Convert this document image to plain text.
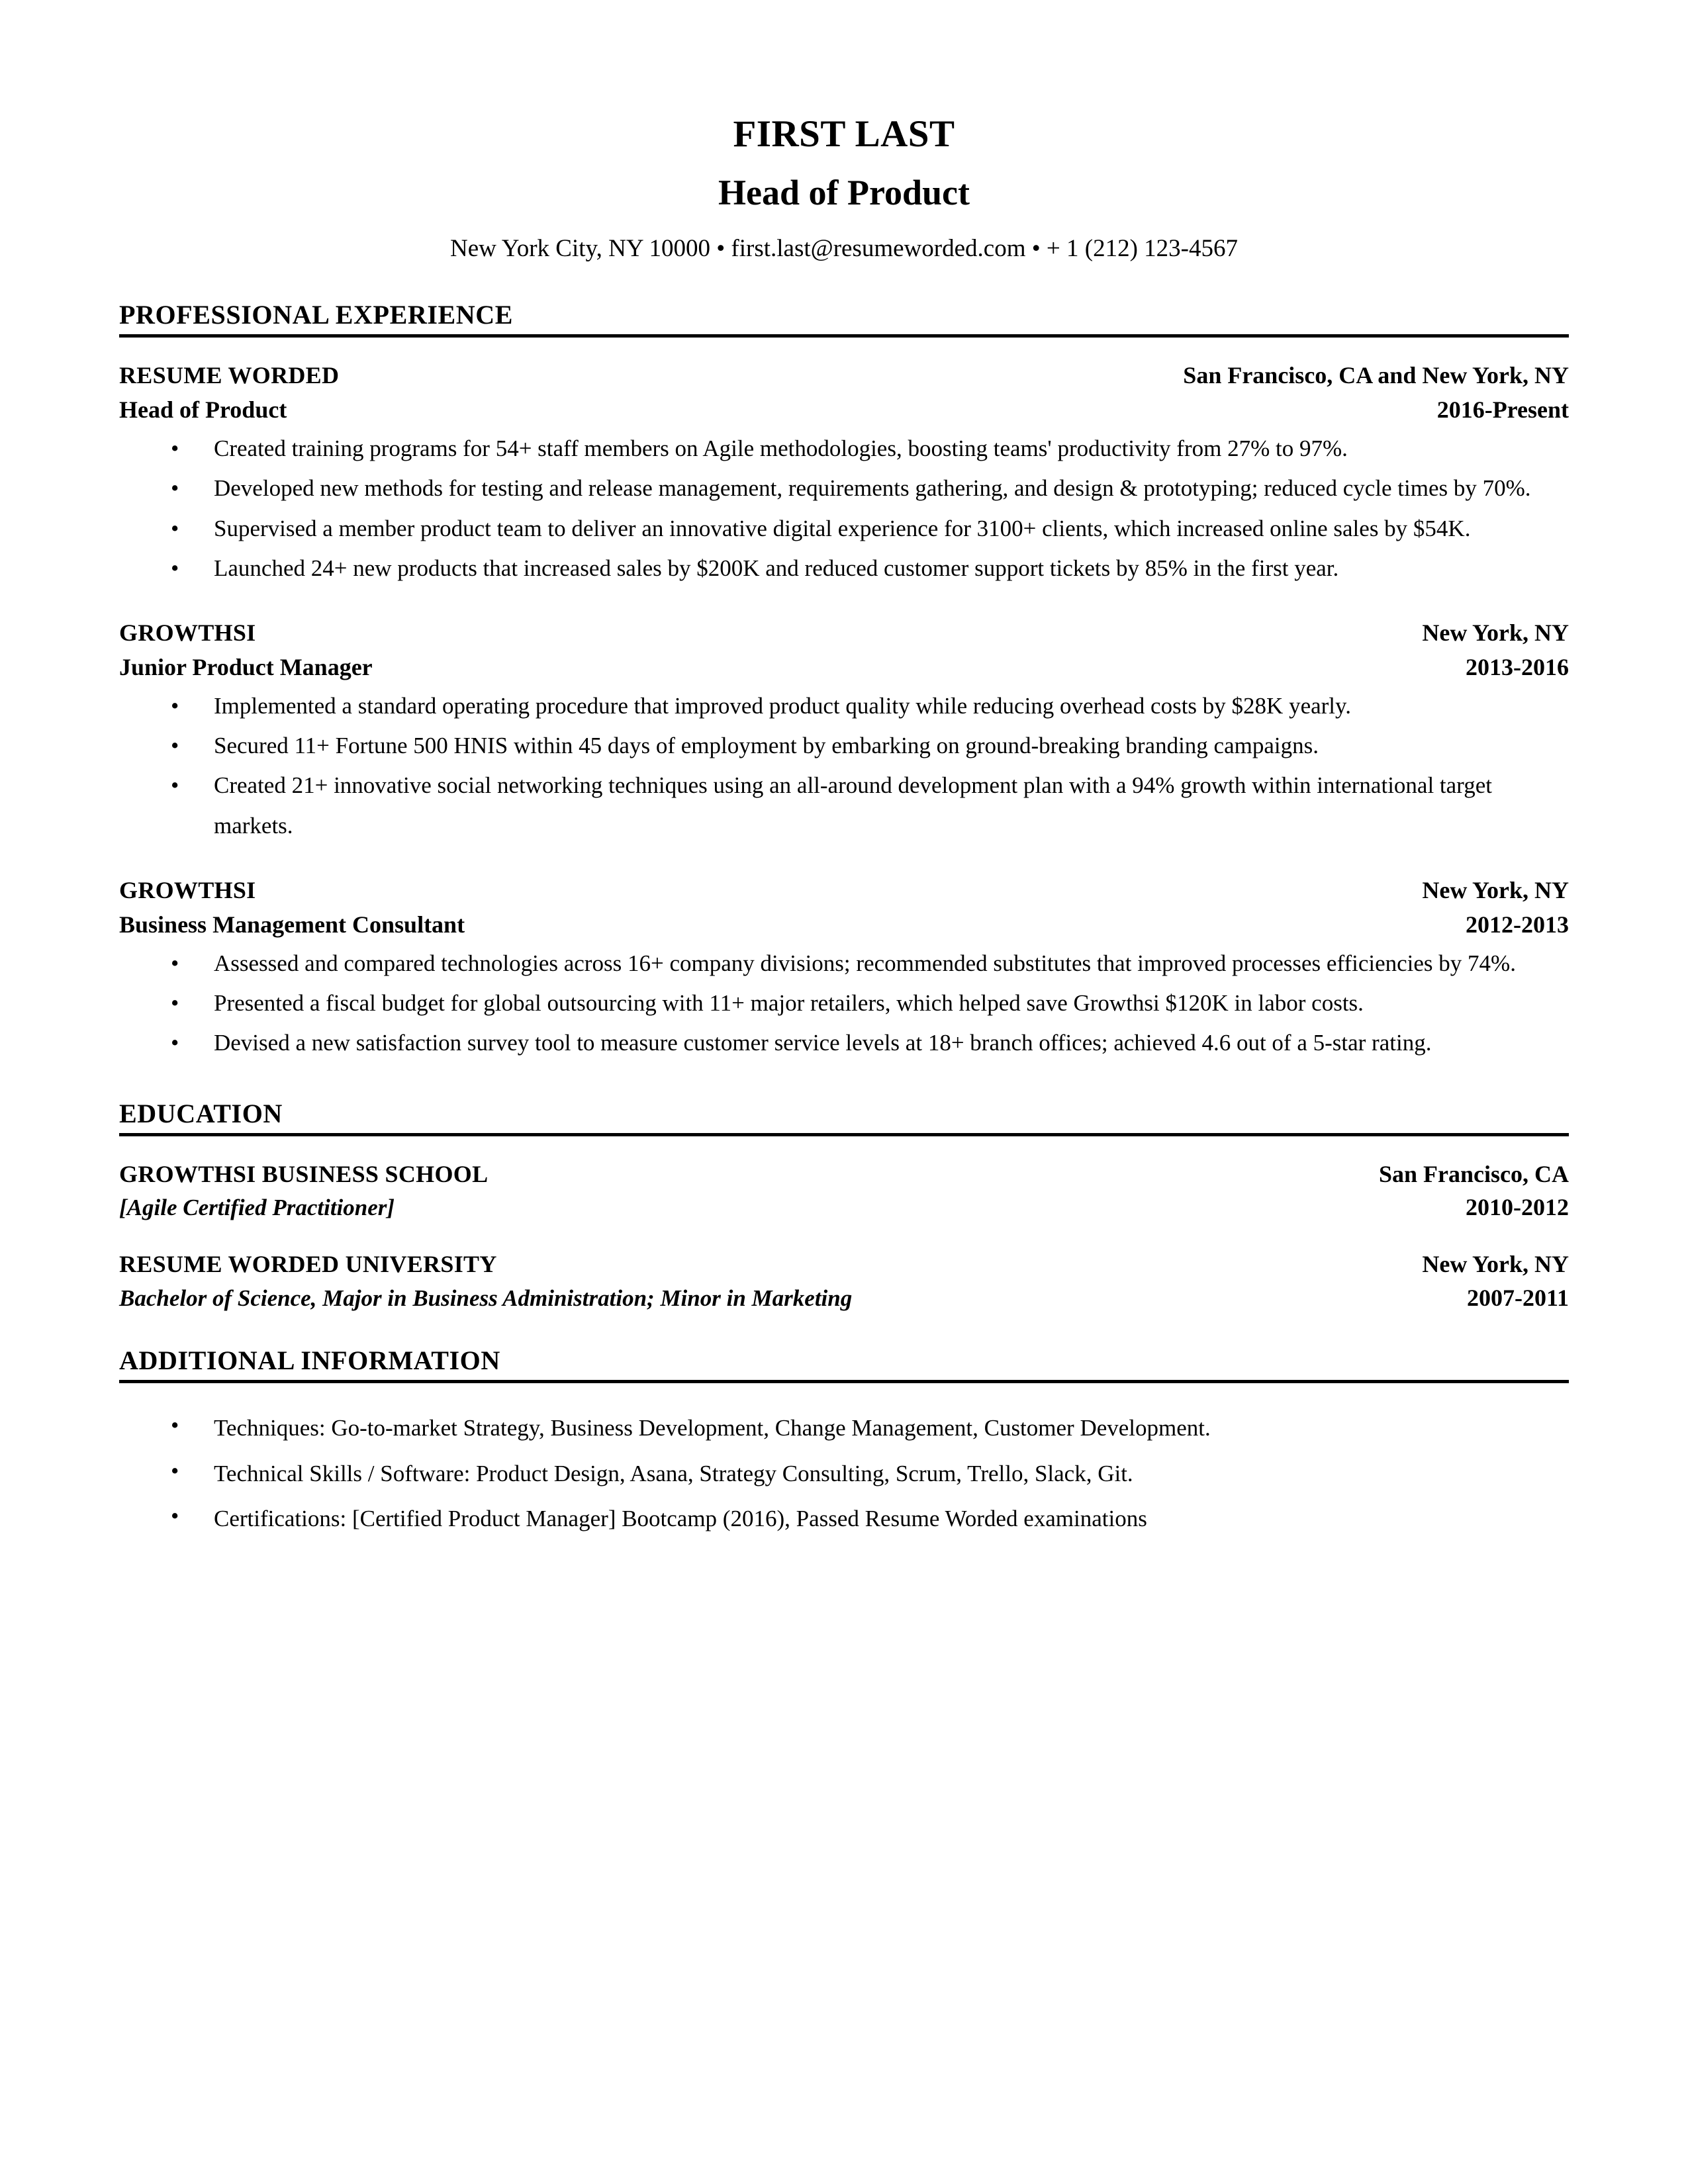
FIRST LAST
Head of Product
New York City, NY 10000 • first.last@resumeworded.com • + 1 (212) 123-4567
PROFESSIONAL EXPERIENCE
RESUME WORDED	San Francisco, CA and New York, NY
Head of Product	2016-Present
• Created training programs for 54+ staff members on Agile methodologies, boosting teams' productivity from 27% to 97%.
• Developed new methods for testing and release management, requirements gathering, and design & prototyping; reduced cycle times by 70%.
• Supervised a member product team to deliver an innovative digital experience for 3100+ clients, which increased online sales by $54K.
• Launched 24+ new products that increased sales by $200K and reduced customer support tickets by 85% in the first year.
GROWTHSI	New York, NY
Junior Product Manager	2013-2016
• Implemented a standard operating procedure that improved product quality while reducing overhead costs by $28K yearly.
• Secured 11+ Fortune 500 HNIS within 45 days of employment by embarking on ground-breaking branding campaigns.
• Created 21+ innovative social networking techniques using an all-around development plan with a 94% growth within international target markets.
GROWTHSI	New York, NY
Business Management Consultant	2012-2013
• Assessed and compared technologies across 16+ company divisions; recommended substitutes that improved processes efficiencies by 74%.
• Presented a fiscal budget for global outsourcing with 11+ major retailers, which helped save Growthsi $120K in labor costs.
• Devised a new satisfaction survey tool to measure customer service levels at 18+ branch offices; achieved 4.6 out of a 5-star rating.
EDUCATION
GROWTHSI BUSINESS SCHOOL	San Francisco, CA
[Agile Certified Practitioner]	2010-2012
RESUME WORDED UNIVERSITY	New York, NY
Bachelor of Science, Major in Business Administration; Minor in Marketing	2007-2011
ADDITIONAL INFORMATION
• Techniques: Go-to-market Strategy, Business Development, Change Management, Customer Development.
• Technical Skills / Software: Product Design, Asana, Strategy Consulting, Scrum, Trello, Slack, Git.
• Certifications: [Certified Product Manager] Bootcamp (2016), Passed Resume Worded examinations
